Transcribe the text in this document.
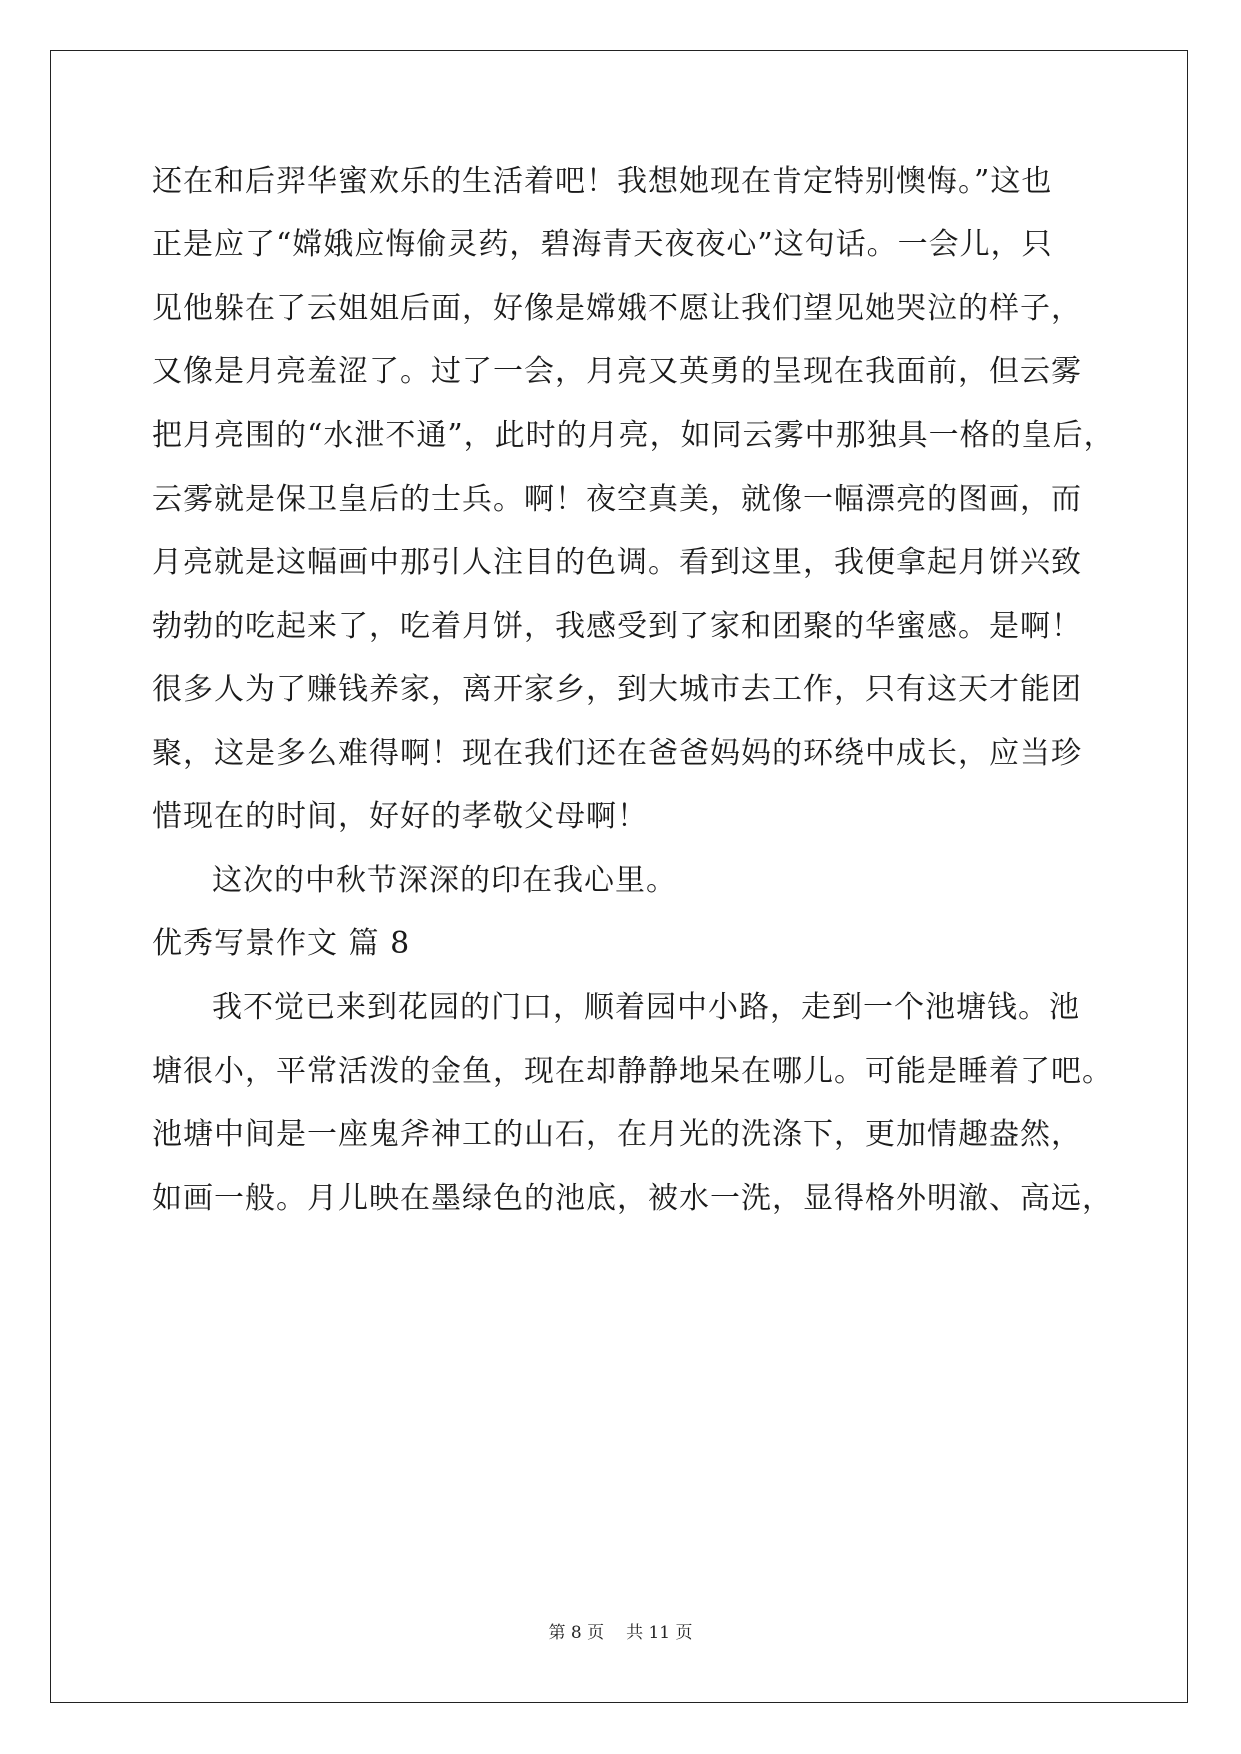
还在和后羿华蜜欢乐的生活着吧！我想她现在肯定特别懊悔。”这也

正是应了“嫦娥应悔偷灵药，碧海青天夜夜心”这句话。一会儿，只

见他躲在了云姐姐后面，好像是嫦娥不愿让我们望见她哭泣的样子，

又像是月亮羞涩了。过了一会，月亮又英勇的呈现在我面前，但云雾

把月亮围的“水泄不通”，此时的月亮，如同云雾中那独具一格的皇后，

云雾就是保卫皇后的士兵。啊！夜空真美，就像一幅漂亮的图画，而

月亮就是这幅画中那引人注目的色调。看到这里，我便拿起月饼兴致

勃勃的吃起来了，吃着月饼，我感受到了家和团聚的华蜜感。是啊！

很多人为了赚钱养家，离开家乡，到大城市去工作，只有这天才能团

聚，这是多么难得啊！现在我们还在爸爸妈妈的环绕中成长，应当珍

惜现在的时间，好好的孝敬父母啊！

这次的中秋节深深的印在我心里。

优秀写景作文 篇 8

我不觉已来到花园的门口，顺着园中小路，走到一个池塘钱。池

塘很小，平常活泼的金鱼，现在却静静地呆在哪儿。可能是睡着了吧。

池塘中间是一座鬼斧神工的山石，在月光的洗涤下，更加情趣盎然，

如画一般。月儿映在墨绿色的池底，被水一洗，显得格外明澈、高远，

第 8 页 共 11 页
